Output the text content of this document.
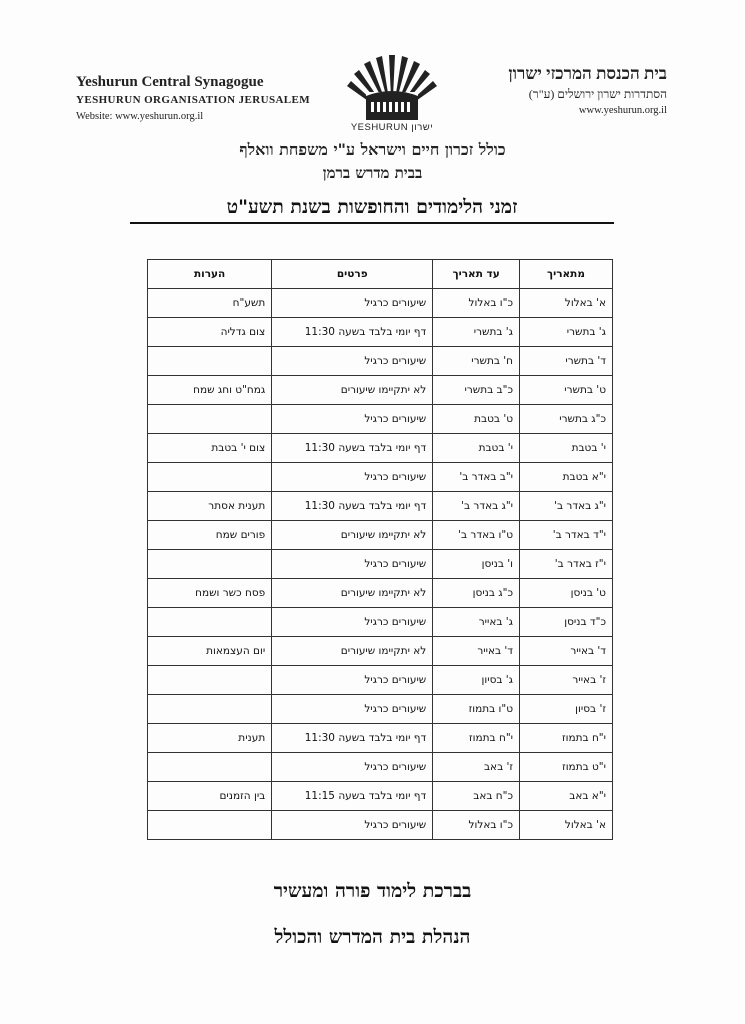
Yeshurun Central Synagogue
YESHURUN ORGANISATION JERUSALEM
Website: www.yeshurun.org.il
YESHURUN ישרון
בית הכנסת המרכזי ישרון
הסתדרות ישרון ירושלים (ע"ר)
www.yeshurun.org.il
כולל זכרון חיים וישראל ע"י משפחת וואלף
בבית מדרש ברמן
זמני הלימודים והחופשות בשנת תשע"ט
מתאריך	עד תאריך	פרטים	הערות
א' באלול	כ"ו באלול	שיעורים כרגיל	תשע"ח
ג' בתשרי	ג' בתשרי	דף יומי בלבד בשעה 11:30	צום גדליה
ד' בתשרי	ח' בתשרי	שיעורים כרגיל	
ט' בתשרי	כ"ב בתשרי	לא יתקיימו שיעורים	גמח"ט וחג שמח
כ"ג בתשרי	ט' בטבת	שיעורים כרגיל	
י' בטבת	י' בטבת	דף יומי בלבד בשעה 11:30	צום י' בטבת
י"א בטבת	י"ב באדר ב'	שיעורים כרגיל	
י"ג באדר ב'	י"ג באדר ב'	דף יומי בלבד בשעה 11:30	תענית אסתר
י"ד באדר ב'	ט"ו באדר ב'	לא יתקיימו שיעורים	פורים שמח
י"ז באדר ב'	ו' בניסן	שיעורים כרגיל	
ט' בניסן	כ"ג בניסן	לא יתקיימו שיעורים	פסח כשר ושמח
כ"ד בניסן	ג' באייר	שיעורים כרגיל	
ד' באייר	ד' באייר	לא יתקיימו שיעורים	יום העצמאות
ז' באייר	ג' בסיון	שיעורים כרגיל	
ז' בסיון	ט"ו בתמוז	שיעורים כרגיל	
י"ח בתמוז	י"ח בתמוז	דף יומי בלבד בשעה 11:30	תענית
י"ט בתמוז	ז' באב	שיעורים כרגיל	
י"א באב	כ"ח באב	דף יומי בלבד בשעה 11:15	בין הזמנים
א' באלול	כ"ו באלול	שיעורים כרגיל	
בברכת לימוד פורה ומעשיר
הנהלת בית המדרש והכולל
